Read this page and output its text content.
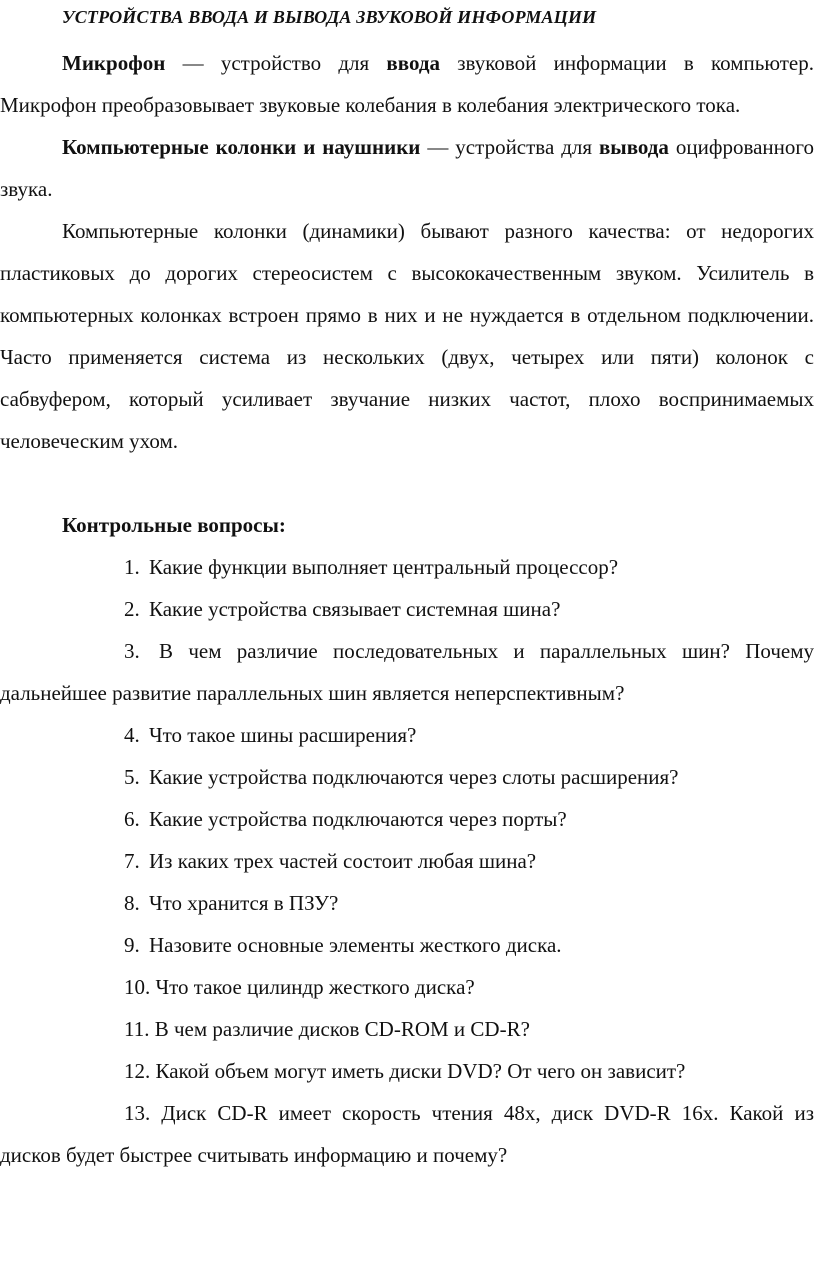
УСТРОЙСТВА ВВОДА И ВЫВОДА ЗВУКОВОЙ ИНФОРМАЦИИ

Микрофон — устройство для ввода звуковой информации в компьютер. Микрофон преобразовывает звуковые колебания в колебания электрического тока.

Компьютерные колонки и наушники — устройства для вывода оцифрованного звука.

Компьютерные колонки (динамики) бывают разного качества: от недорогих пластиковых до дорогих стереосистем с высококачественным звуком. Усилитель в компьютерных колонках встроен прямо в них и не нуждается в отдельном подключении. Часто применяется система из нескольких (двух, четырех или пяти) колонок с сабвуфером, который усиливает звучание низких частот, плохо воспринимаемых человеческим ухом.

Контрольные вопросы:

1. Какие функции выполняет центральный процессор?
2. Какие устройства связывает системная шина?
3. В чем различие последовательных и параллельных шин? Почему дальнейшее развитие параллельных шин является неперспективным?
4. Что такое шины расширения?
5. Какие устройства подключаются через слоты расширения?
6. Какие устройства подключаются через порты?
7. Из каких трех частей состоит любая шина?
8. Что хранится в ПЗУ?
9. Назовите основные элементы жесткого диска.
10. Что такое цилиндр жесткого диска?
11. В чем различие дисков CD-ROM и CD-R?
12. Какой объем могут иметь диски DVD? От чего он зависит?
13. Диск CD-R имеет скорость чтения 48x, диск DVD-R 16x. Какой из дисков будет быстрее считывать информацию и почему?
